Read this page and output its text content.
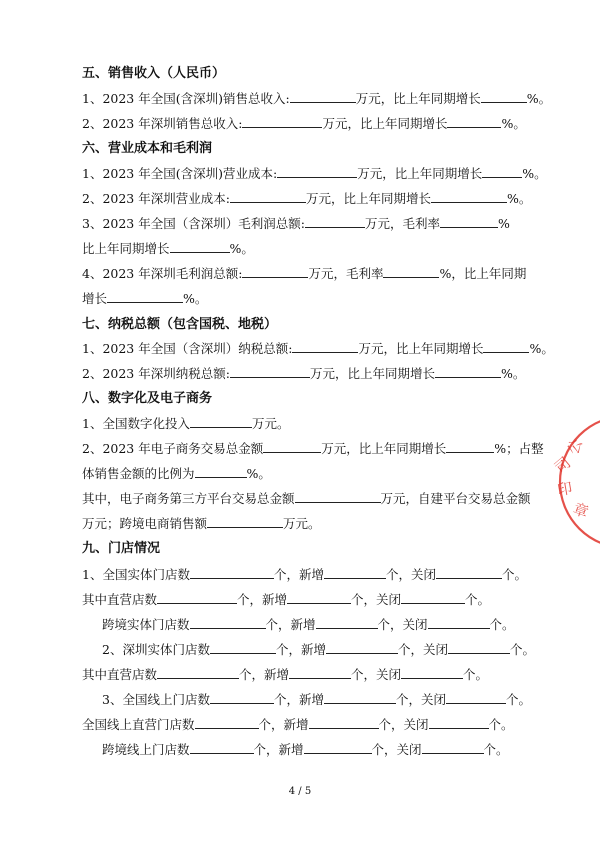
4 / 5
公
司
印
章
五、销售收入（人民币）
1、2023 年全国(含深圳)销售总收入:	万元，比上年同期增长	%。
2、2023 年深圳销售总收入:	万元，比上年同期增长	%。
六、营业成本和毛利润
1、2023 年全国(含深圳)营业成本:	万元，比上年同期增长	%。
2、2023 年深圳营业成本:	万元，比上年同期增长	%。
3、2023 年全国（含深圳）毛利润总额:	万元，毛利率	%
比上年同期增长	%。
4、2023 年深圳毛利润总额:	万元，毛利率	%，比上年同期
增长	%。
七、纳税总额（包含国税、地税）
1、2023 年全国（含深圳）纳税总额:	万元，比上年同期增长	%。
2、2023 年深圳纳税总额:	万元，比上年同期增长	%。
八、数字化及电子商务
1、全国数字化投入	万元。
2、2023 年电子商务交易总金额	万元，比上年同期增长	%；占整
体销售金额的比例为	%。
其中，电子商务第三方平台交易总金额	万元，自建平台交易总金额
万元；跨境电商销售额	万元。
九、门店情况
1、全国实体门店数	个，新增	个，关闭	个。
其中直营店数	个，新增	个，关闭	个。
跨境实体门店数	个，新增	个，关闭	个。
2、深圳实体门店数	个，新增	个，关闭	个。
其中直营店数	个，新增	个，关闭	个。
3、全国线上门店数	个，新增	个，关闭	个。
全国线上直营门店数	个，新增	个，关闭	个。
跨境线上门店数	个，新增	个，关闭	个。
